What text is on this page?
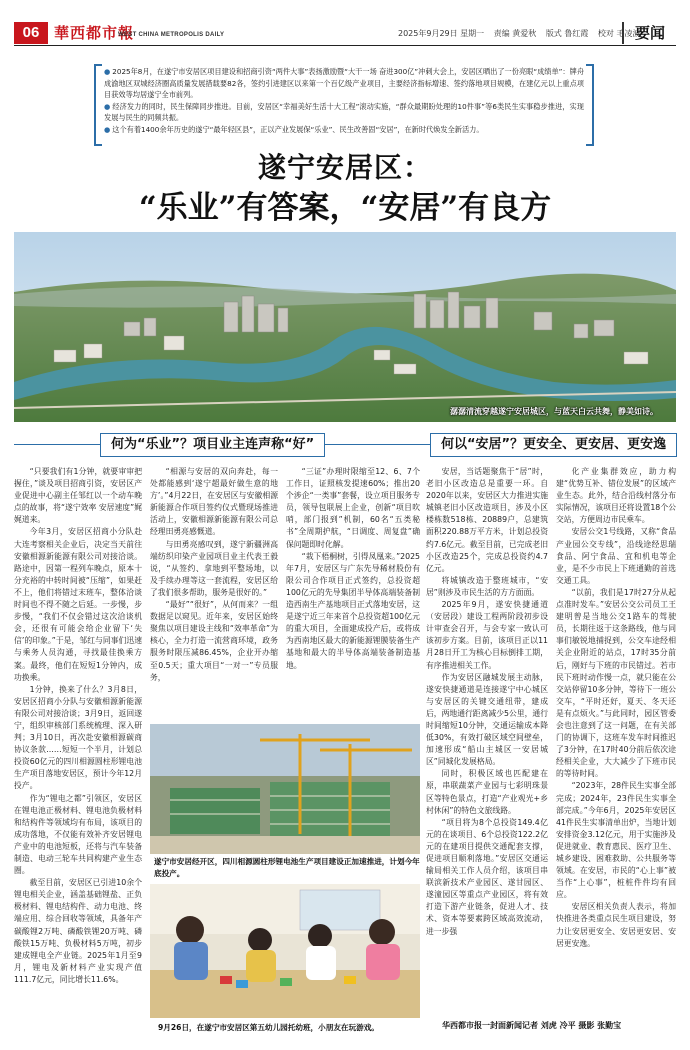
06 華西都市報
WEST CHINA METROPOLIS DAILY	2025年9月29日 星期一 责编 黄爱秋 版式 鲁红霞 校对 毛凌波
要闻
● 2025年8月，在遂宁市安居区项目建设和招商引资“两件大事”表扬激励暨“大干一场 奋进300亿”冲刺大会上，安居区晒出了一份亮眼“成绩单”：牌舟成渝地区双城经济圈高质量发展措载要82各，签约引进建区以来第一个百亿级产业项目，主要经济指标增速、签约落地项目规模，在建亿元以上重点项目获效等均居遂宁全市前列。
● 经济发力的同时，民生保障同步推进。目前，安居区“幸福美好生活十大工程”滚动实施，“群众最期盼处理的10件事”等6类民生实事稳步推进，实现发展与民生的同频共振。
● 这个有着1400余年历史的遂宁“最年轻区县”，正以产业发展保“乐业”、民生改善固“安居”，在新时代焕发全新活力。
遂宁安居区：
“乐业”有答案，“安居”有良方
潺潺清流穿越遂宁安居城区，与蓝天白云共舞，静美如诗。
何为“乐业”？项目业主连声称“好”	何以“安居”？更安全、更安居、更安逸

“只要我们有1分钟，就要审审把握住，”谈及项目招商引资，安居区产业促进中心副主任邹红以一个动车晚点的故事，将“遂宁效率 安居速度”娓娓道来。

今年3月，安居区招商小分队赴大连考察相关企业后，决定当天前往安徽相源新能源有限公司对接洽谈。路途中，因第一程列车晚点，原本十分充裕的中转时间被“压缩”，如果赶不上，他们将错过末班车，整体洽谈时间也不得不随之后延。一步慢，步步慢，“我们不仅会错过这次洽谈机会，还很有可能会给企业留下‘失信’的印象。”于是，邹红与同事们迅速与乘务人员沟通，寻找最佳换乘方案。最终，他们在短短1分钟内，成功换乘。

1分钟，换来了什么？3月8日，安居区招商小分队与安徽相源新能源有限公司对接洽谈；3月9日，返回遂宁，组织审核部门系统梳理、深入研判；3月10日，再次赴安徽相源碳商协议条款……短短一个半月，计划总投资60亿元的四川相源圆柱形锂电池生产项目落地安居区，预计今年12月投产。

作为“锂电之都”引领区，安居区在锂电池正极材料、锂电池负极材料和结构件等领域均有布局，该项目的成功落地，不仅能有效补齐安居锂电产业中的电池短板，还将与汽车装备制造、电动三轮车共同构建产业生态圈。

截至目前，安居区已引进10余个锂电相关企业，涵盖基础锂盐、正负极材料、锂电结构件、动力电池、终端应用、综合回收等领域，具备年产碳酸锂2万吨、磷酸铁锂20万吨、磷酸铁15万吨、负极材料5万吨，初步建成锂电全产业链。2025年1月至9月，锂电及新材料产业实现产值111.7亿元，同比增长11.6%。

“相源与安居的双向奔赴，每一处都能感到‘遂宁超最好做生意的地方’。”4月22日，在安居区与安徽相源新能源合作项目签约仪式暨现场推进活动上，安徽相源新能源有限公司总经理田勇亮感慨道。

与田勇亮感叹到，遂宁新疆洲高端纺织印染产业园项目业主代表王毅说，“从签约、拿地到平整场地，以及手续办理等这一套流程，安居区给了我们很多帮助，服务是很好的。”

“最好”“很好”，从何而来？一组数据足以窥见。近年来，安居区始终聚焦以项目建设主线和“效率革命”为核心，全力打造一流营商环境，政务服务时限压减86.45%，企业开办缩至0.5天；重大项目“一对一”专员服务，

“三证”办理时限缩至12、6、7个工作日，证照核发提速60%；推出20个涉企“一类事”套餐，设立项目服务专员，领导包联展上企业，创新“项目吹哨，部门报到”机制，60名“五类秘书”全周期护航，“日调度、周复盘”确保问题即时化解。

“栽下梧桐树，引得凤凰来。”2025年7月，安居区与广东先导稀材股份有限公司合作项目正式签约，总投资超100亿元的先导集团半导体高端装备制造西南生产基地项目正式落地安居，这是遂宁近三年来首个总投资超100亿元的重大项目，全面建成投产后，或将成为西南地区最大的新能源锂膜装备生产基地和最大的半导体高端装备制造基地。

遂宁市安居经开区，四川相源圆柱形锂电池生产项目建设正加速推进，计划今年底投产。
9月26日，在遂宁市安居区第五幼儿园托幼班，小朋友在玩游戏。

安居，当话题聚焦于“居”时，老旧小区改造总是重要一环。自2020年以来，安居区大力推进实施城镇老旧小区改造项目，涉及小区楼栋数518栋、20889户，总建筑面积220.88万平方米，计划总投资约7.6亿元。截至目前，已完成老旧小区改造25个，完成总投资约4.7亿元。

将城镇改造于整班城市，“安居”则涉及市民生活的方方面面。

2025年9月，遂安快捷通道（安居段）建设工程两阶段初步设计审查会召开，与会专家一致认可该初步方案。目前，该项目正以11月28日开工为核心目标倒排工期，有序推进相关工作。

作为安居区融城发展主动脉，遂安快捷通道是连接遂宁中心城区与安居区的关键交通纽带，建成后，两地通行距离减少5公里，通行时间缩短10分钟，交通运输成本降低30%，有效打破区域空间壁垒，加速形成“船山主城区一安居城区”同城化发展格局。

同时，积极区域也匹配建在原，串联蔬菜产业园与七彩明珠景区等特色景点，打造“产业观光+乡村休闲”的特色文旅线路。

“项目将为8个总投资149.4亿元的在谈项目、6个总投资122.2亿元的在建项目提供交通配套支撑，促进项目顺利落地。”安居区交通运输局相关工作人员介绍，该项目串联滨新技术产业园区、遂甘园区、遂潼园区等重点产业园区，将有效打造下游产业链条，促进人才、技术、资本等要素跨区域高效流动，进一步强

化产业集群效应，助力构建“优势互补、错位发展”的区域产业生态。此外，结合沿线村落分布实际情况，该项目还将设置18个公交站，方便周边市民乘车。

安居公交1号线路，又称“食品产业园公交专线”，沿线途经思瑞食品、阿宁食品、宜和机电等企业，是不少市民上下班通勤的首选交通工具。

“以前，我们是17时27分从起点准时发车。”安居公交公司员工王建明曾是当地公交1路车的驾驶员，长期往返于这条路线，他与同事们敏锐地捕捉到，公交车途经相关企业附近的站点，17时35分前后，刚好与下班的市民错过。若市民下班时动作慢一点，就只能在公交站停留10多分钟，等待下一班公交车，“平时还好，夏天、冬天还是有点烦火。”与此同时，园区管委会也注意到了这一问题，在有关部门的协调下，这班车发车时间推迟了3分钟，在17时40分前后依次途经相关企业，大大减少了下班市民的等待时间。

“2023年，28件民生实事全部完成；2024年，23件民生实事全部完成。”今年6月，2025年安居区41件民生实事清单出炉，当地计划安排资金3.12亿元，用于实施涉及促进就业、教育惠民、医疗卫生、城乡建设、困难救助、公共服务等领域。在安居，市民的“心上事”被当作“上心事”，桩桩件件均有回应。

安居区相关负责人表示，将加快推进各类重点民生项目建设，努力让安居更安全、安居更安居、安居更安逸。

华西都市报一封面新闻记者 刘虎 冷平 摄影 张勤宝
